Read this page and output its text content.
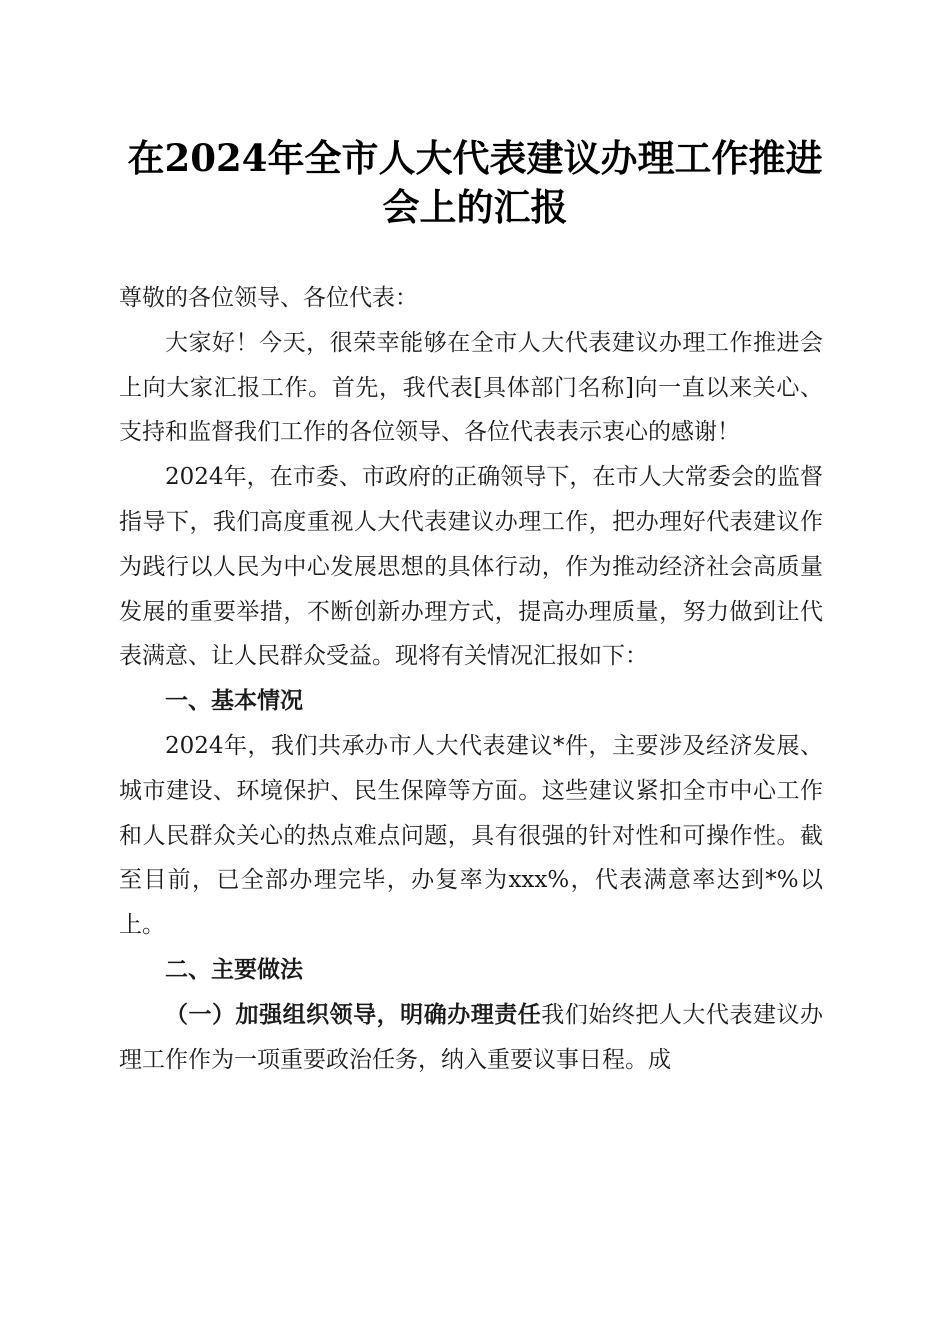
在2024年全市人大代表建议办理工作推进会上的汇报

尊敬的各位领导、各位代表：

大家好！今天，很荣幸能够在全市人大代表建议办理工作推进会上向大家汇报工作。首先，我代表[具体部门名称]向一直以来关心、支持和监督我们工作的各位领导、各位代表表示衷心的感谢！

2024年，在市委、市政府的正确领导下，在市人大常委会的监督指导下，我们高度重视人大代表建议办理工作，把办理好代表建议作为践行以人民为中心发展思想的具体行动，作为推动经济社会高质量发展的重要举措，不断创新办理方式，提高办理质量，努力做到让代表满意、让人民群众受益。现将有关情况汇报如下：

一、基本情况

2024年，我们共承办市人大代表建议*件，主要涉及经济发展、城市建设、环境保护、民生保障等方面。这些建议紧扣全市中心工作和人民群众关心的热点难点问题，具有很强的针对性和可操作性。截至目前，已全部办理完毕，办复率为xxx%，代表满意率达到*%以上。

二、主要做法

（一）加强组织领导，明确办理责任我们始终把人大代表建议办理工作作为一项重要政治任务，纳入重要议事日程。成
